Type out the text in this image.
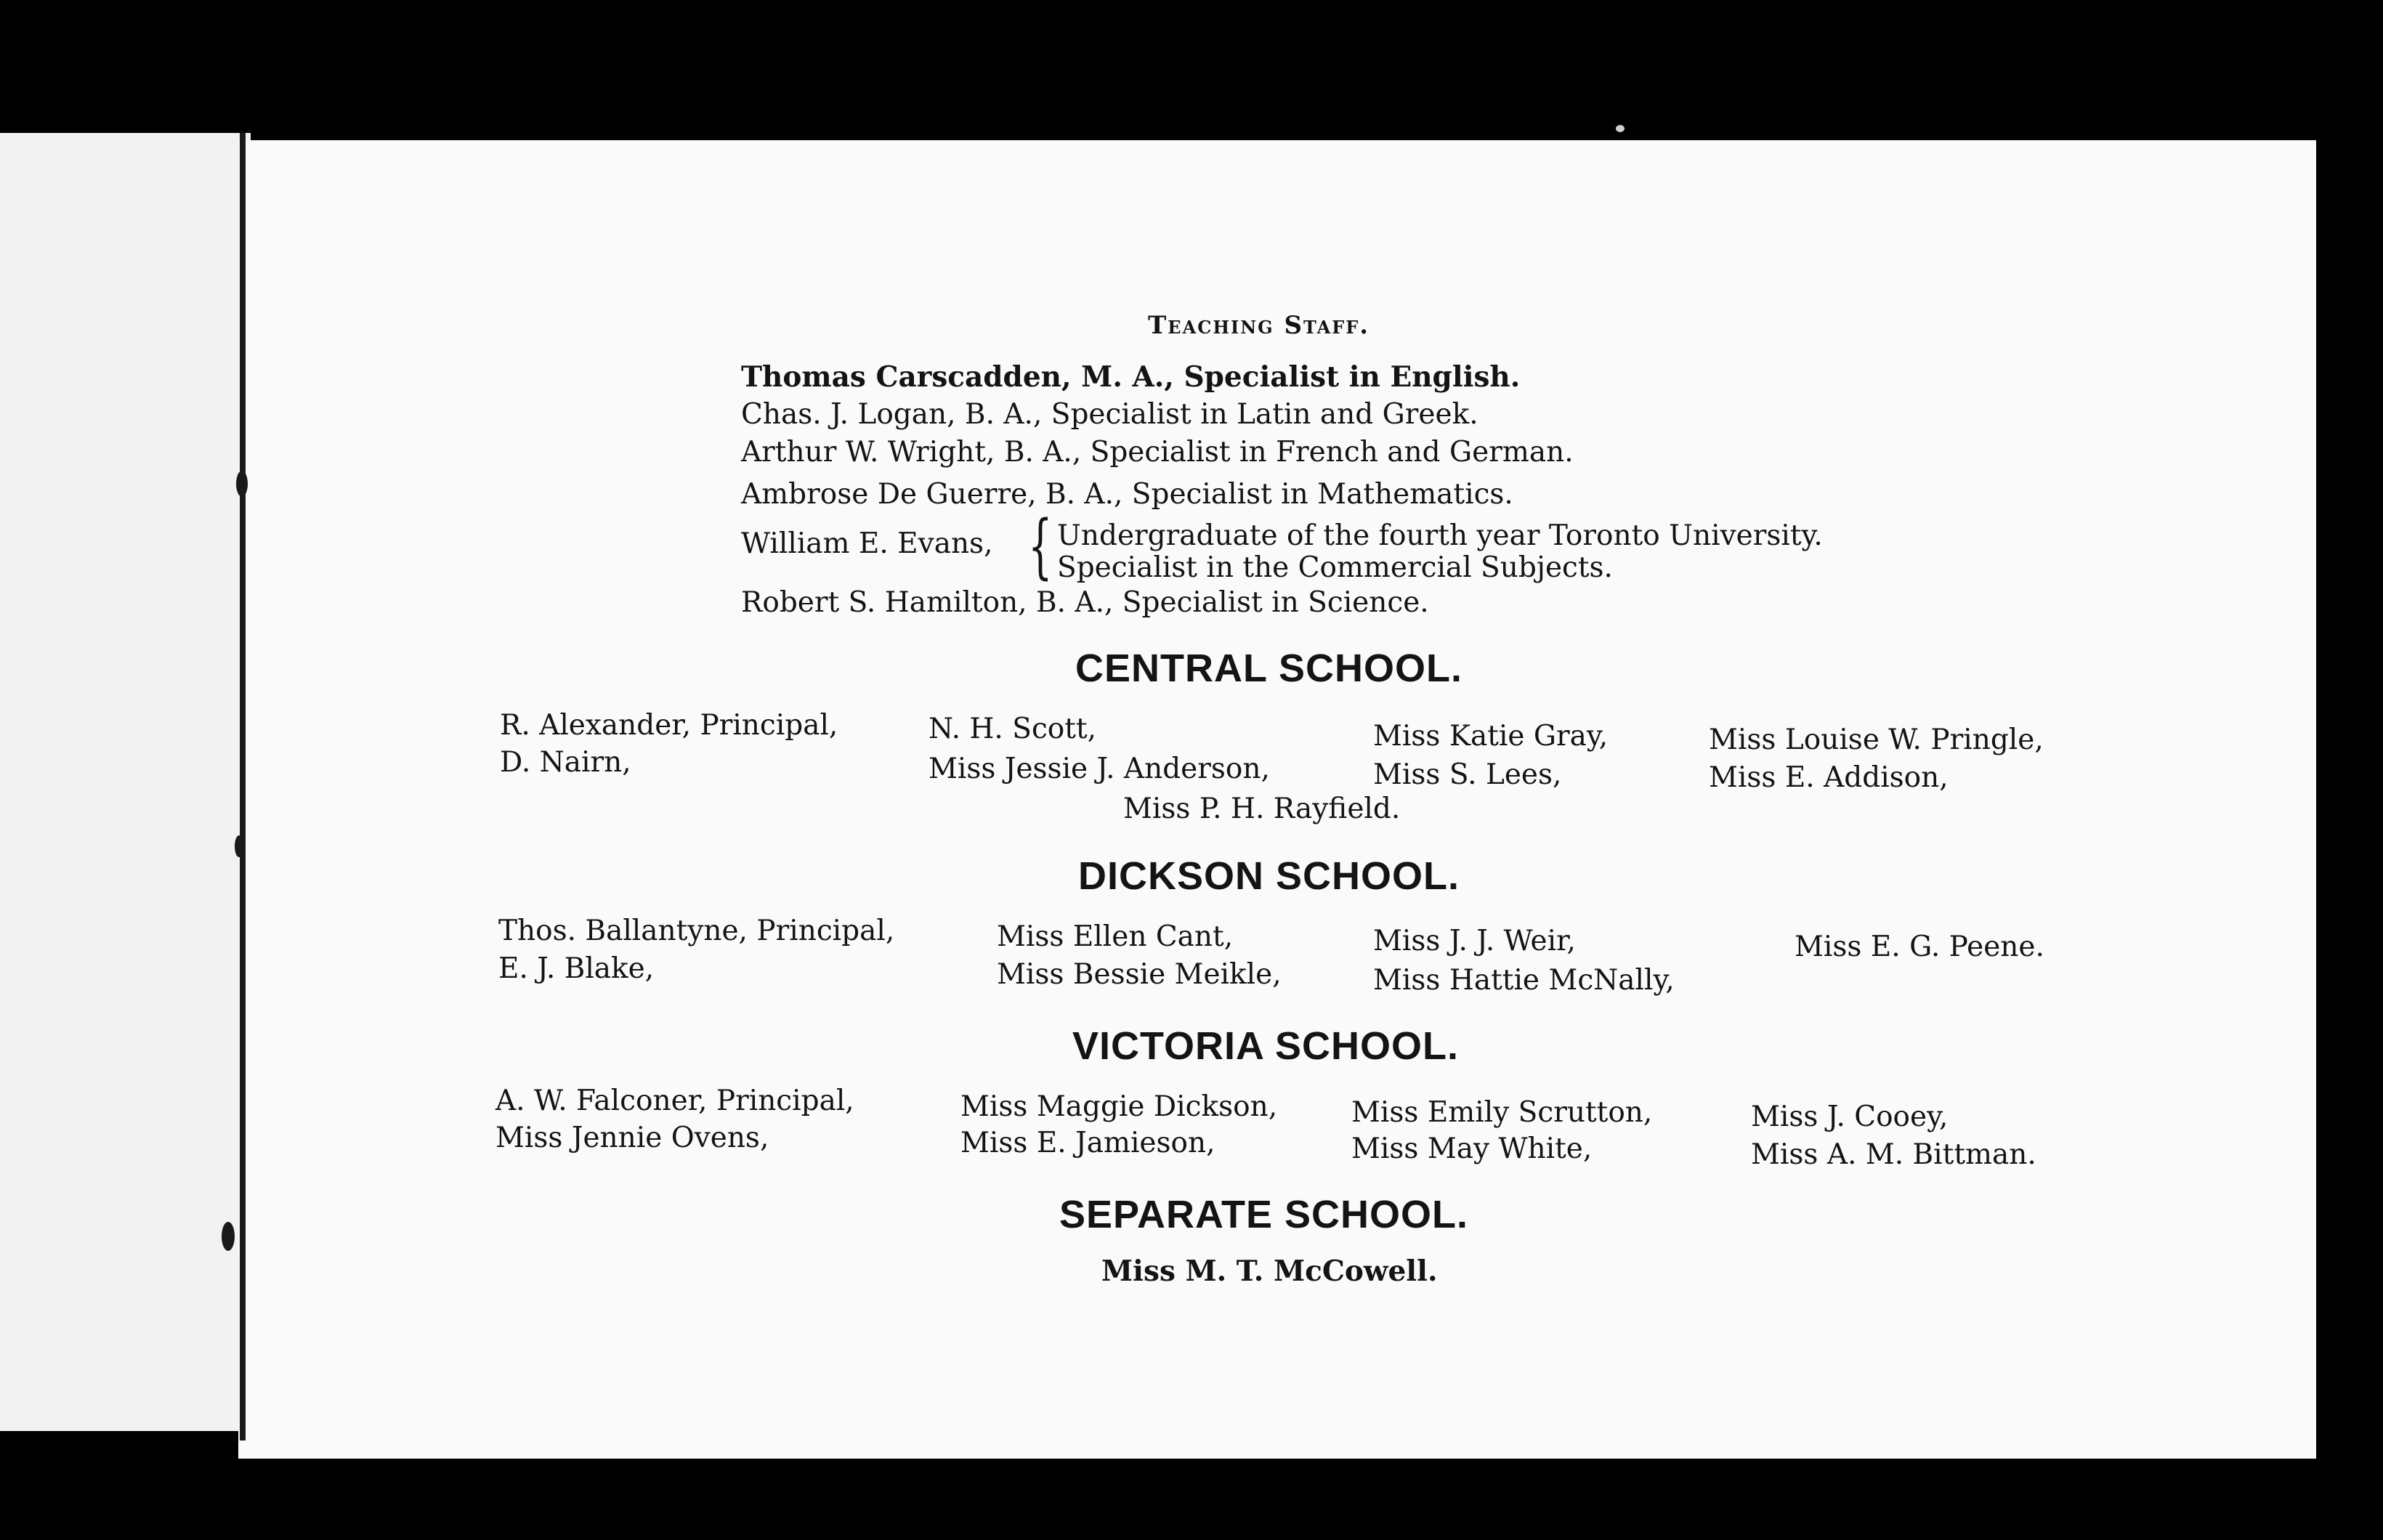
Teaching Staff.
Thomas Carscadden, M. A., Specialist in English.
Chas. J. Logan, B. A., Specialist in Latin and Greek.
Arthur W. Wright, B. A., Specialist in French and German.
Ambrose De Guerre, B. A., Specialist in Mathematics.
William E. Evans, { Undergraduate of the fourth year Toronto University.
Specialist in the Commercial Subjects.
Robert S. Hamilton, B. A., Specialist in Science.
CENTRAL SCHOOL.
R. Alexander, Principal,
D. Nairn,
N. H. Scott,
Miss Jessie J. Anderson,
Miss Katie Gray,
Miss S. Lees,
Miss Louise W. Pringle,
Miss E. Addison,
Miss P. H. Rayfield.
DICKSON SCHOOL.
Thos. Ballantyne, Principal,
E. J. Blake,
Miss Ellen Cant,
Miss Bessie Meikle,
Miss J. J. Weir,
Miss Hattie McNally,
Miss E. G. Peene.
VICTORIA SCHOOL.
A. W. Falconer, Principal,
Miss Jennie Ovens,
Miss Maggie Dickson,
Miss E. Jamieson,
Miss Emily Scrutton,
Miss May White,
Miss J. Cooey,
Miss A. M. Bittman.
SEPARATE SCHOOL.
Miss M. T. McCowell.
